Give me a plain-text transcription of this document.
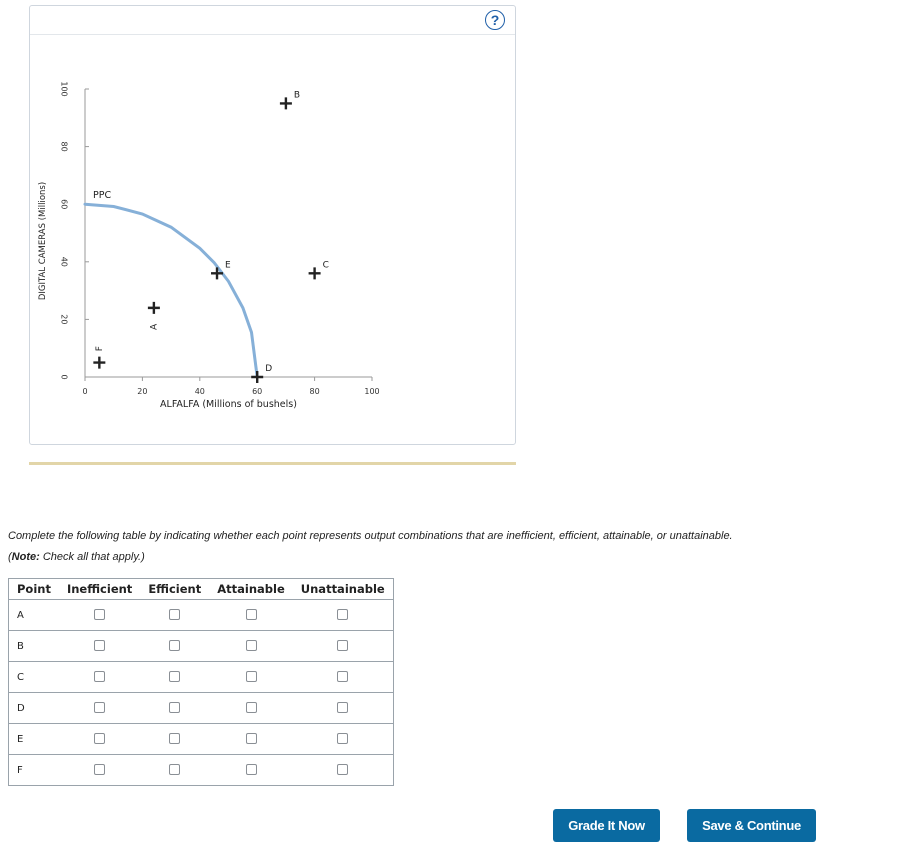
?
0	20	40	60	80	100
0
20
40
60
80
100
ALFALFA (Millions of bushels)
DIGITAL CAMERAS (Millions)	PPC
A
B
C
D
E
F
Complete the following table by indicating whether each point represents output combinations that are inefficient, efficient, attainable, or unattainable.
(Note: Check all that apply.)
Point	Inefficient	Efficient	Attainable	Unattainable
A				
B				
C				
D				
E				
F				
Grade It Now	Save & Continue
